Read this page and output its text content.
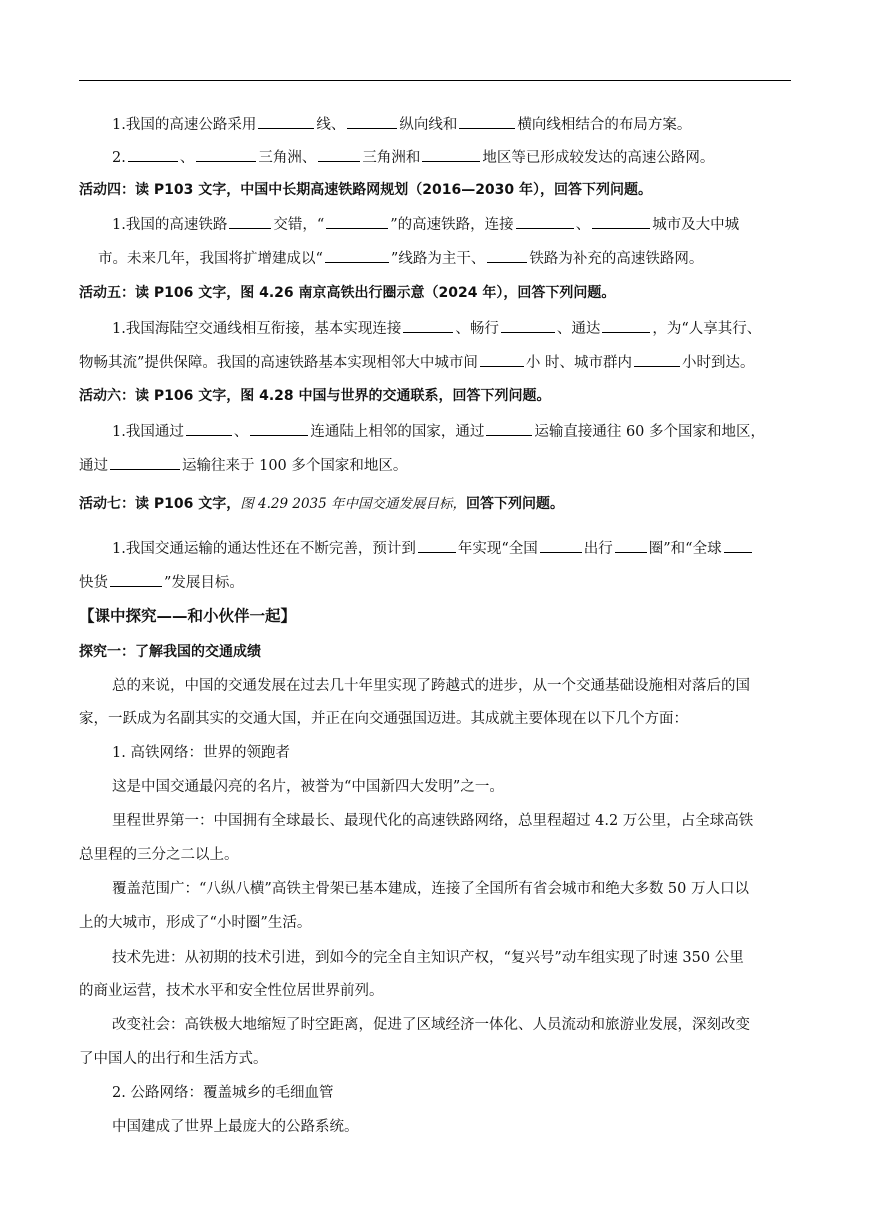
1.我国的高速公路采用	线、	纵向线和	横向线相结合的布局方案。
2.	、	三角洲、	三角洲和	地区等已形成较发达的高速公路网。
活动四：读 P103 文字，中国中长期高速铁路网规划（2016—2030 年），回答下列问题。
1.我国的高速铁路	交错，“	”的高速铁路，连接	、	城市及大中城
市。未来几年，我国将扩增建成以“	”线路为主干、	铁路为补充的高速铁路网。
活动五：读 P106 文字，图 4.26 南京高铁出行圈示意（2024 年），回答下列问题。
1.我国海陆空交通线相互衔接，基本实现连接	、畅行	、通达	，为“人享其行、
物畅其流”提供保障。我国的高速铁路基本实现相邻大中城市间	小 时、城市群内	小时到达。
活动六：读 P106 文字，图 4.28 中国与世界的交通联系，回答下列问题。
1.我国通过	、	连通陆上相邻的国家，通过	运输直接通往 60 多个国家和地区，
通过	运输往来于 100 多个国家和地区。
活动七：读 P106 文字，图 4.29 2035 年中国交通发展目标，回答下列问题。
1.我国交通运输的通达性还在不断完善，预计到	年实现“全国	出行 圈”和“全球
快货	”发展目标。
【课中探究——和小伙伴一起】
探究一：了解我国的交通成绩
总的来说，中国的交通发展在过去几十年里实现了跨越式的进步，从一个交通基础设施相对落后的国
家，一跃成为名副其实的交通大国，并正在向交通强国迈进。其成就主要体现在以下几个方面：
1. 高铁网络：世界的领跑者
这是中国交通最闪亮的名片，被誉为“中国新四大发明”之一。
里程世界第一：中国拥有全球最长、最现代化的高速铁路网络，总里程超过 4.2 万公里，占全球高铁
总里程的三分之二以上。
覆盖范围广：“八纵八横”高铁主骨架已基本建成，连接了全国所有省会城市和绝大多数 50 万人口以
上的大城市，形成了“小时圈”生活。
技术先进：从初期的技术引进，到如今的完全自主知识产权，“复兴号”动车组实现了时速 350 公里
的商业运营，技术水平和安全性位居世界前列。
改变社会：高铁极大地缩短了时空距离，促进了区域经济一体化、人员流动和旅游业发展，深刻改变
了中国人的出行和生活方式。
2. 公路网络：覆盖城乡的毛细血管
中国建成了世界上最庞大的公路系统。
